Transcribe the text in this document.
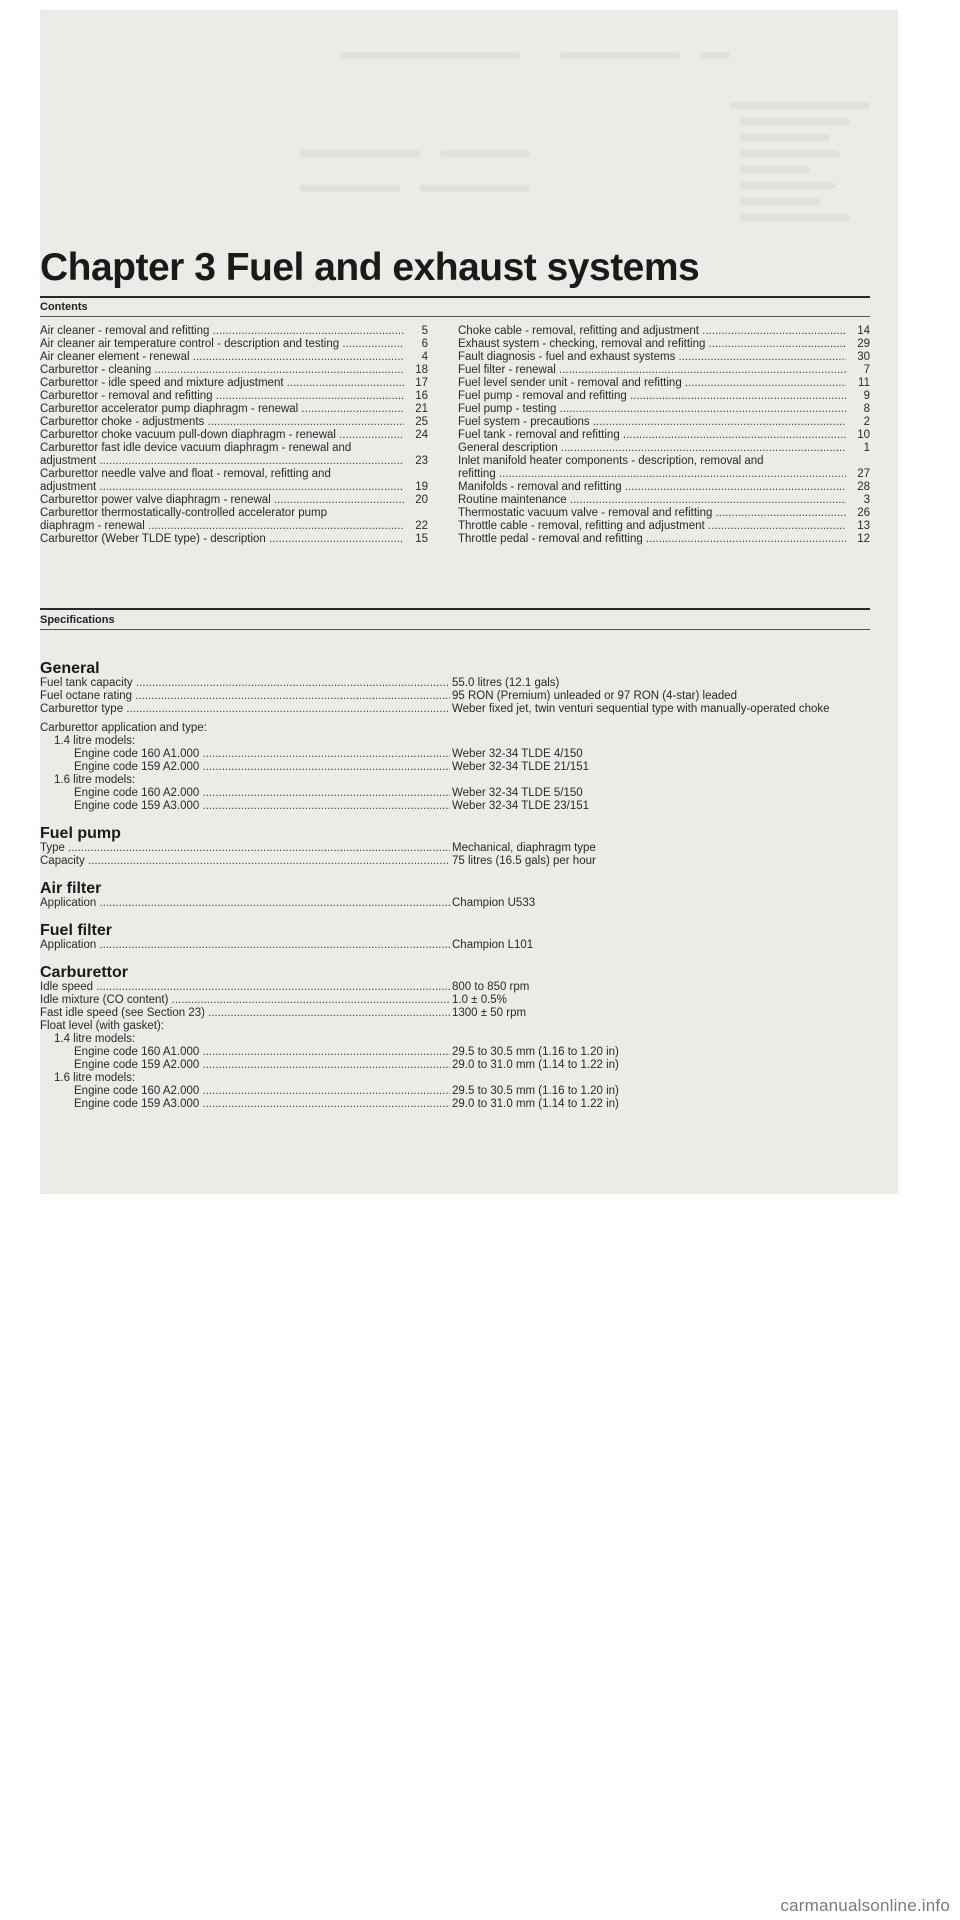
Chapter 3 Fuel and exhaust systems
Contents
Air cleaner - removal and refitting .....	5
Air cleaner air temperature control - description and testing .....	6
Air cleaner element - renewal .....	4
Carburettor - cleaning .....	18
Carburettor - idle speed and mixture adjustment .....	17
Carburettor - removal and refitting .....	16
Carburettor accelerator pump diaphragm - renewal .....	21
Carburettor choke - adjustments .....	25
Carburettor choke vacuum pull-down diaphragm - renewal .....	24
Carburettor fast idle device vacuum diaphragm - renewal and
adjustment .....	23
Carburettor needle valve and float - removal, refitting and
adjustment .....	19
Carburettor power valve diaphragm - renewal .....	20
Carburettor thermostatically-controlled accelerator pump
diaphragm - renewal .....	22
Carburettor (Weber TLDE type) - description .....	15
Choke cable - removal, refitting and adjustment .....	14
Exhaust system - checking, removal and refitting .....	29
Fault diagnosis - fuel and exhaust systems .....	30
Fuel filter - renewal .....	7
Fuel level sender unit - removal and refitting .....	11
Fuel pump - removal and refitting .....	9
Fuel pump - testing .....	8
Fuel system - precautions .....	2
Fuel tank - removal and refitting .....	10
General description .....	1
Inlet manifold heater components - description, removal and
refitting .....	27
Manifolds - removal and refitting .....	28
Routine maintenance .....	3
Thermostatic vacuum valve - removal and refitting .....	26
Throttle cable - removal, refitting and adjustment .....	13
Throttle pedal - removal and refitting .....	12
Specifications
General
Fuel tank capacity .....	55.0 litres (12.1 gals)
Fuel octane rating .....	95 RON (Premium) unleaded or 97 RON (4-star) leaded
Carburettor type .....	Weber fixed jet, twin venturi sequential type with manually-operated choke
Carburettor application and type:
1.4 litre models:
Engine code 160 A1.000 .....	Weber 32-34 TLDE 4/150
Engine code 159 A2.000 .....	Weber 32-34 TLDE 21/151
1.6 litre models:
Engine code 160 A2.000 .....	Weber 32-34 TLDE 5/150
Engine code 159 A3.000 .....	Weber 32-34 TLDE 23/151
Fuel pump
Type .....	Mechanical, diaphragm type
Capacity .....	75 litres (16.5 gals) per hour
Air filter
Application .....	Champion U533
Fuel filter
Application .....	Champion L101
Carburettor
Idle speed .....	800 to 850 rpm
Idle mixture (CO content) .....	1.0 ± 0.5%
Fast idle speed (see Section 23) .....	1300 ± 50 rpm
Float level (with gasket):
1.4 litre models:
Engine code 160 A1.000 .....	29.5 to 30.5 mm (1.16 to 1.20 in)
Engine code 159 A2.000 .....	29.0 to 31.0 mm (1.14 to 1.22 in)
1.6 litre models:
Engine code 160 A2.000 .....	29.5 to 30.5 mm (1.16 to 1.20 in)
Engine code 159 A3.000 .....	29.0 to 31.0 mm (1.14 to 1.22 in)
carmanualsonline.info
